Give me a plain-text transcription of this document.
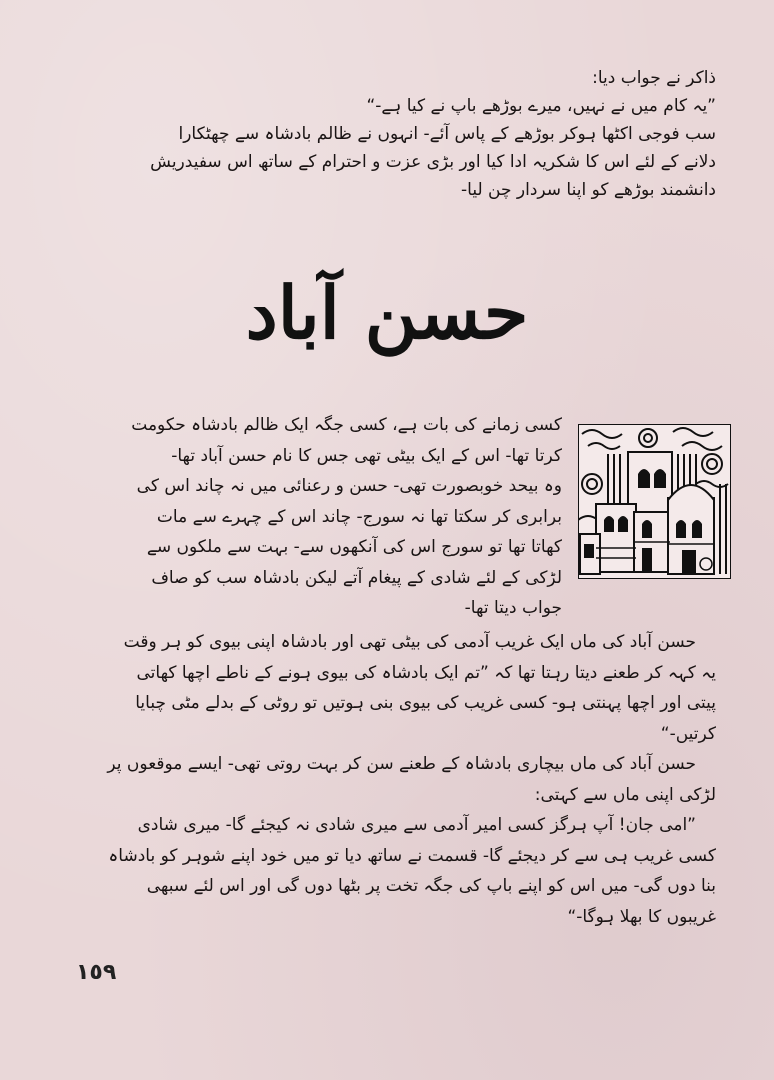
ذاکر نے جواب دیا:
”یہ کام میں نے نہیں، میرے بوڑھے باپ نے کیا ہے-“
سب فوجی اکٹھا ہوکر بوڑھے کے پاس آئے- انہوں نے ظالم بادشاہ سے چھٹکارا
دلانے کے لئے اس کا شکریہ ادا کیا اور بڑی عزت و احترام کے ساتھ اس سفیدریش
دانشمند بوڑھے کو اپنا سردار چن لیا-
حسن آباد
کسی زمانے کی بات ہے، کسی جگہ ایک ظالم بادشاہ حکومت
کرتا تھا- اس کے ایک بیٹی تھی جس کا نام حسن آباد تھا-
وہ بیحد خوبصورت تھی- حسن و رعنائی میں نہ چاند اس کی
برابری کر سکتا تھا نہ سورج- چاند اس کے چہرے سے مات
کھاتا تھا تو سورج اس کی آنکھوں سے- بہت سے ملکوں سے
لڑکی کے لئے شادی کے پیغام آتے لیکن بادشاہ سب کو صاف
جواب دیتا تھا-
حسن آباد کی ماں ایک غریب آدمی کی بیٹی تھی اور بادشاہ اپنی بیوی کو ہر وقت
یہ کہہ کر طعنے دیتا رہتا تھا کہ ”تم ایک بادشاہ کی بیوی ہونے کے ناطے اچھا کھاتی
پیتی اور اچھا پہنتی ہو- کسی غریب کی بیوی بنی ہوتیں تو روٹی کے بدلے مٹی چبایا
کرتیں-“
حسن آباد کی ماں بیچاری بادشاہ کے طعنے سن کر بہت روتی تھی- ایسے موقعوں پر
لڑکی اپنی ماں سے کہتی:
”امی جان! آپ ہرگز کسی امیر آدمی سے میری شادی نہ کیجئے گا- میری شادی
کسی غریب ہی سے کر دیجئے گا- قسمت نے ساتھ دیا تو میں خود اپنے شوہر کو بادشاہ
بنا دوں گی- میں اس کو اپنے باپ کی جگہ تخت پر بٹھا دوں گی اور اس لئے سبھی
غریبوں کا بھلا ہوگا-“
١٥٩
